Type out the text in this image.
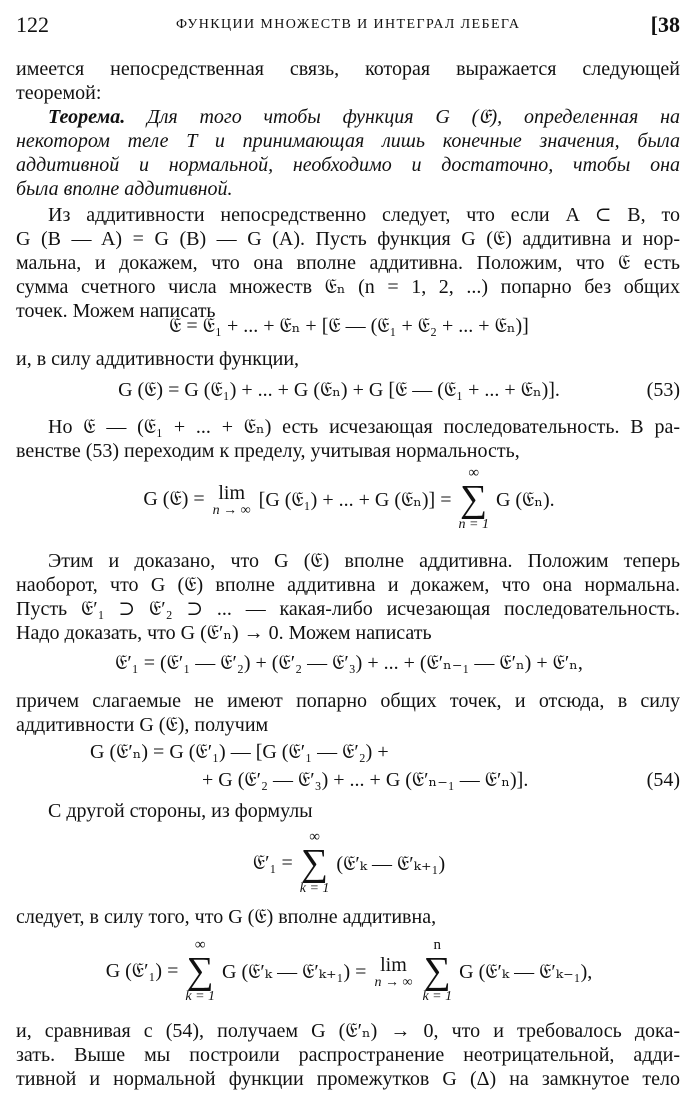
122	ФУНКЦИИ МНОЖЕСТВ И ИНТЕГРАЛ ЛЕБЕГА	[38
имеется непосредственная связь, которая выражается следующей
теоремой:
Теорема. Для того чтобы функция G (𝔈), определенная на
некотором теле T и принимающая лишь конечные значения, была
аддитивной и нормальной, необходимо и достаточно, чтобы она
была вполне аддитивной.
Из аддитивности непосредственно следует, что если A ⊂ B, то
G (B — A) = G (B) — G (A). Пусть функция G (𝔈) аддитивна и нор-
мальна, и докажем, что она вполне аддитивна. Положим, что 𝔈 есть
сумма счетного числа множеств 𝔈ₙ (n = 1, 2, ...) попарно без общих
точек. Можем написать
𝔈 = 𝔈₁ + ... + 𝔈ₙ + [𝔈 — (𝔈₁ + 𝔈₂ + ... + 𝔈ₙ)]
и, в силу аддитивности функции,
G (𝔈) = G (𝔈₁) + ... + G (𝔈ₙ) + G [𝔈 — (𝔈₁ + ... + 𝔈ₙ)].	(53)
Но 𝔈 — (𝔈₁ + ... + 𝔈ₙ) есть исчезающая последовательность. В ра-
венстве (53) переходим к пределу, учитывая нормальность,
G (𝔈) = lim
n → ∞ [G (𝔈₁) + ... + G (𝔈ₙ)] =
∞
∑
n = 1
G (𝔈ₙ).
Этим и доказано, что G (𝔈) вполне аддитивна. Положим теперь
наоборот, что G (𝔈) вполне аддитивна и докажем, что она нормальна.
Пусть 𝔈′₁ ⊃ 𝔈′₂ ⊃ ... — какая-либо исчезающая последовательность.
Надо доказать, что G (𝔈′ₙ) → 0. Можем написать
𝔈′₁ = (𝔈′₁ — 𝔈′₂) + (𝔈′₂ — 𝔈′₃) + ... + (𝔈′ₙ₋₁ — 𝔈′ₙ) + 𝔈′ₙ,
причем слагаемые не имеют попарно общих точек, и отсюда, в силу
аддитивности G (𝔈), получим
G (𝔈′ₙ) = G (𝔈′₁) — [G (𝔈′₁ — 𝔈′₂) +
+ G (𝔈′₂ — 𝔈′₃) + ... + G (𝔈′ₙ₋₁ — 𝔈′ₙ)].	(54)
С другой стороны, из формулы
𝔈′₁ =
∞
∑
k = 1
(𝔈′ₖ — 𝔈′ₖ₊₁)
следует, в силу того, что G (𝔈) вполне аддитивна,
G (𝔈′₁) =
∞
∑
k = 1
G (𝔈′ₖ — 𝔈′ₖ₊₁) = lim
n → ∞

n
∑
k = 1
G (𝔈′ₖ — 𝔈′ₖ₋₁),
и, сравнивая с (54), получаем G (𝔈′ₙ) → 0, что и требовалось дока-
зать. Выше мы построили распространение неотрицательной, адди-
тивной и нормальной функции промежутков G (Δ) на замкнутое тело
